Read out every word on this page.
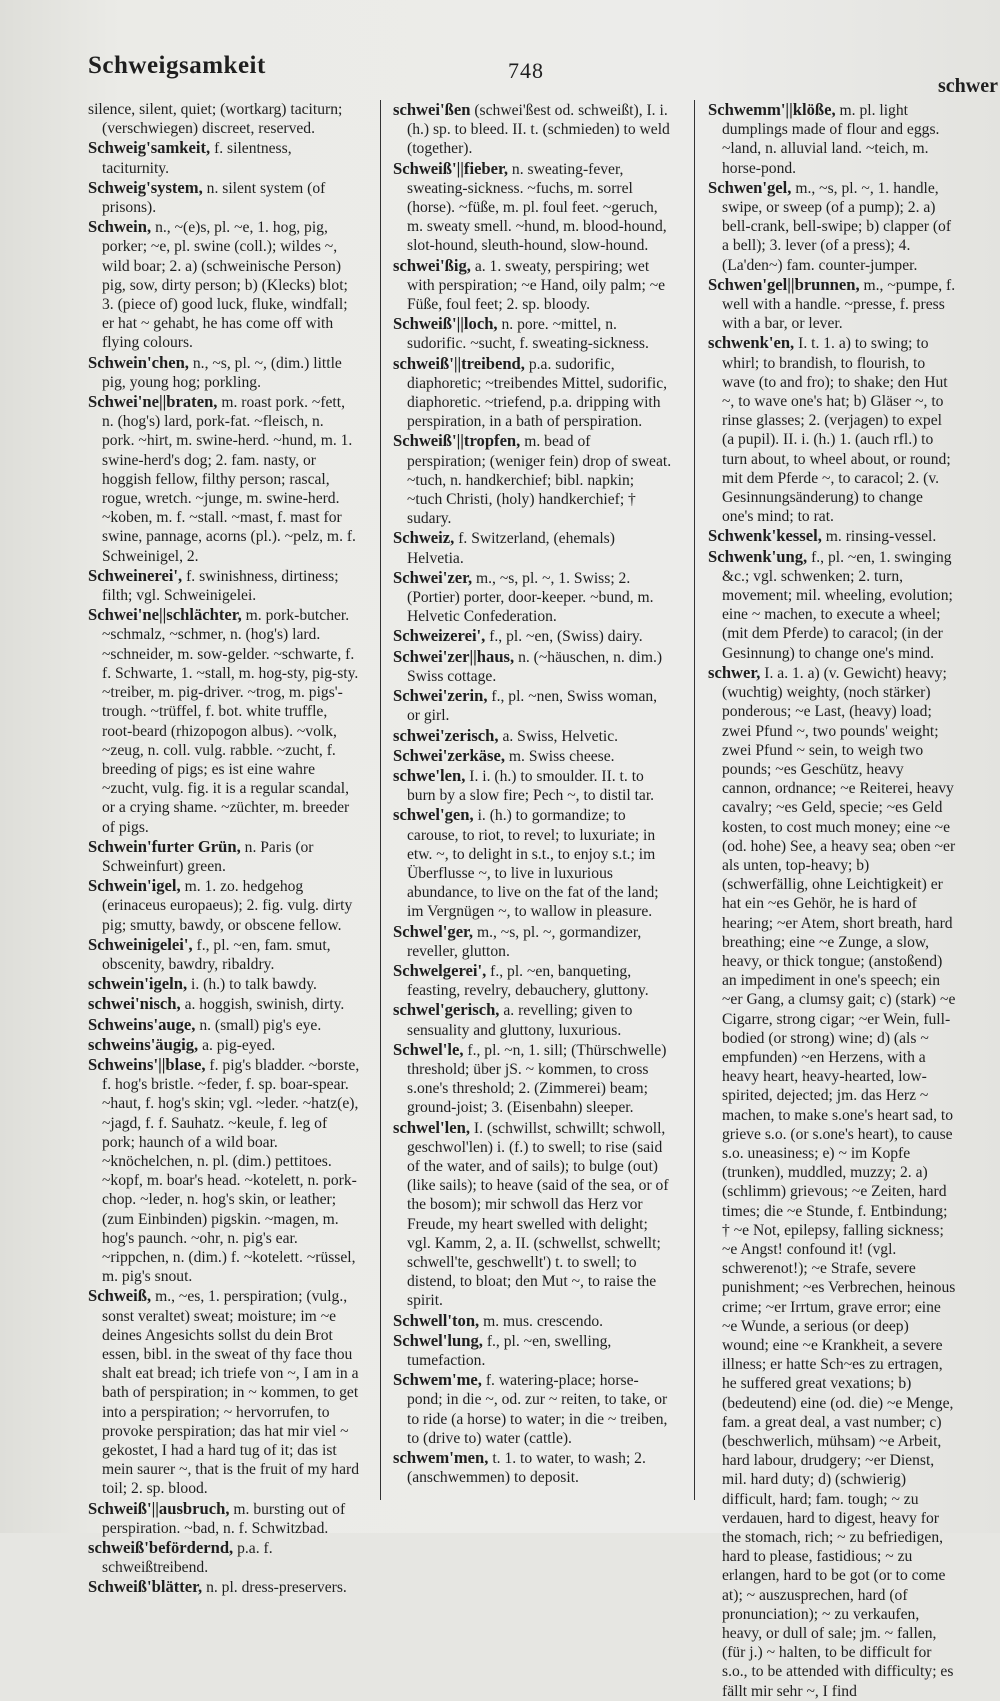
Schweigsamkeit	748
schwer
silence, silent, quiet; (wortkarg) taciturn; (verschwiegen) discreet, reserved.
Schweig'samkeit, f. silentness, taciturnity.
Schweig'system, n. silent system (of prisons).
Schwein, n., ~(e)s, pl. ~e, 1. hog, pig, porker; ~e, pl. swine (coll.); wildes ~, wild boar; 2. a) (schweinische Person) pig, sow, dirty person; b) (Klecks) blot; 3. (piece of) good luck, fluke, windfall; er hat ~ gehabt, he has come off with flying colours.
Schwein'chen, n., ~s, pl. ~, (dim.) little pig, young hog; porkling.
Schwei'ne||braten, m. roast pork. ~fett, n. (hog's) lard, pork-fat. ~fleisch, n. pork. ~hirt, m. swine-herd. ~hund, m. 1. swine-herd's dog; 2. fam. nasty, or hoggish fellow, filthy person; rascal, rogue, wretch. ~junge, m. swine-herd. ~koben, m. f. ~stall. ~mast, f. mast for swine, pannage, acorns (pl.). ~pelz, m. f. Schweinigel, 2.
Schweinerei', f. swinishness, dirtiness; filth; vgl. Schweinigelei.
Schwei'ne||schlächter, m. pork-butcher. ~schmalz, ~schmer, n. (hog's) lard. ~schneider, m. sow-gelder. ~schwarte, f. f. Schwarte, 1. ~stall, m. hog-sty, pig-sty. ~treiber, m. pig-driver. ~trog, m. pigs'-trough. ~trüffel, f. bot. white truffle, root-beard (rhizopogon albus). ~volk, ~zeug, n. coll. vulg. rabble. ~zucht, f. breeding of pigs; es ist eine wahre ~zucht, vulg. fig. it is a regular scandal, or a crying shame. ~züchter, m. breeder of pigs.
Schwein'furter Grün, n. Paris (or Schweinfurt) green.
Schwein'igel, m. 1. zo. hedgehog (erinaceus europaeus); 2. fig. vulg. dirty pig; smutty, bawdy, or obscene fellow.
Schweinigelei', f., pl. ~en, fam. smut, obscenity, bawdry, ribaldry.
schwein'igeln, i. (h.) to talk bawdy.
schwei'nisch, a. hoggish, swinish, dirty.
Schweins'auge, n. (small) pig's eye.
schweins'äugig, a. pig-eyed.
Schweins'||blase, f. pig's bladder. ~borste, f. hog's bristle. ~feder, f. sp. boar-spear. ~haut, f. hog's skin; vgl. ~leder. ~hatz(e), ~jagd, f. f. Sauhatz. ~keule, f. leg of pork; haunch of a wild boar. ~knöchelchen, n. pl. (dim.) pettitoes. ~kopf, m. boar's head. ~kotelett, n. pork-chop. ~leder, n. hog's skin, or leather; (zum Einbinden) pigskin. ~magen, m. hog's paunch. ~ohr, n. pig's ear. ~rippchen, n. (dim.) f. ~kotelett. ~rüssel, m. pig's snout.
Schweiß, m., ~es, 1. perspiration; (vulg., sonst veraltet) sweat; moisture; im ~e deines Angesichts sollst du dein Brot essen, bibl. in the sweat of thy face thou shalt eat bread; ich triefe von ~, I am in a bath of perspiration; in ~ kommen, to get into a perspiration; ~ hervorrufen, to provoke perspiration; das hat mir viel ~ gekostet, I had a hard tug of it; das ist mein saurer ~, that is the fruit of my hard toil; 2. sp. blood.
Schweiß'||ausbruch, m. bursting out of perspiration. ~bad, n. f. Schwitzbad.
schweiß'befördernd, p.a. f. schweißtreibend.
Schweiß'blätter, n. pl. dress-preservers.
schwei'ßen (schwei'ßest od. schweißt), I. i. (h.) sp. to bleed. II. t. (schmieden) to weld (together).
Schweiß'||fieber, n. sweating-fever, sweating-sickness. ~fuchs, m. sorrel (horse). ~füße, m. pl. foul feet. ~geruch, m. sweaty smell. ~hund, m. blood-hound, slot-hound, sleuth-hound, slow-hound.
schwei'ßig, a. 1. sweaty, perspiring; wet with perspiration; ~e Hand, oily palm; ~e Füße, foul feet; 2. sp. bloody.
Schweiß'||loch, n. pore. ~mittel, n. sudorific. ~sucht, f. sweating-sickness.
schweiß'||treibend, p.a. sudorific, diaphoretic; ~treibendes Mittel, sudorific, diaphoretic. ~triefend, p.a. dripping with perspiration, in a bath of perspiration.
Schweiß'||tropfen, m. bead of perspiration; (weniger fein) drop of sweat. ~tuch, n. handkerchief; bibl. napkin; ~tuch Christi, (holy) handkerchief; † sudary.
Schweiz, f. Switzerland, (ehemals) Helvetia.
Schwei'zer, m., ~s, pl. ~, 1. Swiss; 2. (Portier) porter, door-keeper. ~bund, m. Helvetic Confederation.
Schweizerei', f., pl. ~en, (Swiss) dairy.
Schwei'zer||haus, n. (~häuschen, n. dim.) Swiss cottage.
Schwei'zerin, f., pl. ~nen, Swiss woman, or girl.
schwei'zerisch, a. Swiss, Helvetic.
Schwei'zerkäse, m. Swiss cheese.
schwe'len, I. i. (h.) to smoulder. II. t. to burn by a slow fire; Pech ~, to distil tar.
schwel'gen, i. (h.) to gormandize; to carouse, to riot, to revel; to luxuriate; in etw. ~, to delight in s.t., to enjoy s.t.; im Überflusse ~, to live in luxurious abundance, to live on the fat of the land; im Vergnügen ~, to wallow in pleasure.
Schwel'ger, m., ~s, pl. ~, gormandizer, reveller, glutton.
Schwelgerei', f., pl. ~en, banqueting, feasting, revelry, debauchery, gluttony.
schwel'gerisch, a. revelling; given to sensuality and gluttony, luxurious.
Schwel'le, f., pl. ~n, 1. sill; (Thürschwelle) threshold; über jS. ~ kommen, to cross s.one's threshold; 2. (Zimmerei) beam; ground-joist; 3. (Eisenbahn) sleeper.
schwel'len, I. (schwillst, schwillt; schwoll, geschwol'len) i. (f.) to swell; to rise (said of the water, and of sails); to bulge (out) (like sails); to heave (said of the sea, or of the bosom); mir schwoll das Herz vor Freude, my heart swelled with delight; vgl. Kamm, 2, a. II. (schwellst, schwellt; schwell'te, geschwellt') t. to swell; to distend, to bloat; den Mut ~, to raise the spirit.
Schwell'ton, m. mus. crescendo.
Schwel'lung, f., pl. ~en, swelling, tumefaction.
Schwem'me, f. watering-place; horse-pond; in die ~, od. zur ~ reiten, to take, or to ride (a horse) to water; in die ~ treiben, to (drive to) water (cattle).
schwem'men, t. 1. to water, to wash; 2. (anschwemmen) to deposit.
Schwemm'||klöße, m. pl. light dumplings made of flour and eggs. ~land, n. alluvial land. ~teich, m. horse-pond.
Schwen'gel, m., ~s, pl. ~, 1. handle, swipe, or sweep (of a pump); 2. a) bell-crank, bell-swipe; b) clapper (of a bell); 3. lever (of a press); 4. (La'den~) fam. counter-jumper.
Schwen'gel||brunnen, m., ~pumpe, f. well with a handle. ~presse, f. press with a bar, or lever.
schwenk'en, I. t. 1. a) to swing; to whirl; to brandish, to flourish, to wave (to and fro); to shake; den Hut ~, to wave one's hat; b) Gläser ~, to rinse glasses; 2. (verjagen) to expel (a pupil). II. i. (h.) 1. (auch rfl.) to turn about, to wheel about, or round; mit dem Pferde ~, to caracol; 2. (v. Gesinnungsänderung) to change one's mind; to rat.
Schwenk'kessel, m. rinsing-vessel.
Schwenk'ung, f., pl. ~en, 1. swinging &c.; vgl. schwenken; 2. turn, movement; mil. wheeling, evolution; eine ~ machen, to execute a wheel; (mit dem Pferde) to caracol; (in der Gesinnung) to change one's mind.
schwer, I. a. 1. a) (v. Gewicht) heavy; (wuchtig) weighty, (noch stärker) ponderous; ~e Last, (heavy) load; zwei Pfund ~, two pounds' weight; zwei Pfund ~ sein, to weigh two pounds; ~es Geschütz, heavy cannon, ordnance; ~e Reiterei, heavy cavalry; ~es Geld, specie; ~es Geld kosten, to cost much money; eine ~e (od. hohe) See, a heavy sea; oben ~er als unten, top-heavy; b) (schwerfällig, ohne Leichtigkeit) er hat ein ~es Gehör, he is hard of hearing; ~er Atem, short breath, hard breathing; eine ~e Zunge, a slow, heavy, or thick tongue; (anstoßend) an impediment in one's speech; ein ~er Gang, a clumsy gait; c) (stark) ~e Cigarre, strong cigar; ~er Wein, full-bodied (or strong) wine; d) (als ~ empfunden) ~en Herzens, with a heavy heart, heavy-hearted, low-spirited, dejected; jm. das Herz ~ machen, to make s.one's heart sad, to grieve s.o. (or s.one's heart), to cause s.o. uneasiness; e) ~ im Kopfe (trunken), muddled, muzzy; 2. a) (schlimm) grievous; ~e Zeiten, hard times; die ~e Stunde, f. Entbindung; † ~e Not, epilepsy, falling sickness; ~e Angst! confound it! (vgl. schwerenot!); ~e Strafe, severe punishment; ~es Verbrechen, heinous crime; ~er Irrtum, grave error; eine ~e Wunde, a serious (or deep) wound; eine ~e Krankheit, a severe illness; er hatte Sch~es zu ertragen, he suffered great vexations; b) (bedeutend) eine (od. die) ~e Menge, fam. a great deal, a vast number; c) (beschwerlich, mühsam) ~e Arbeit, hard labour, drudgery; ~er Dienst, mil. hard duty; d) (schwierig) difficult, hard; fam. tough; ~ zu verdauen, hard to digest, heavy for the stomach, rich; ~ zu befriedigen, hard to please, fastidious; ~ zu erlangen, hard to be got (or to come at); ~ auszusprechen, hard (of pronunciation); ~ zu verkaufen, heavy, or dull of sale; jm. ~ fallen, (für j.) ~ halten, to be difficult for s.o., to be attended with difficulty; es fällt mir sehr ~, I find
